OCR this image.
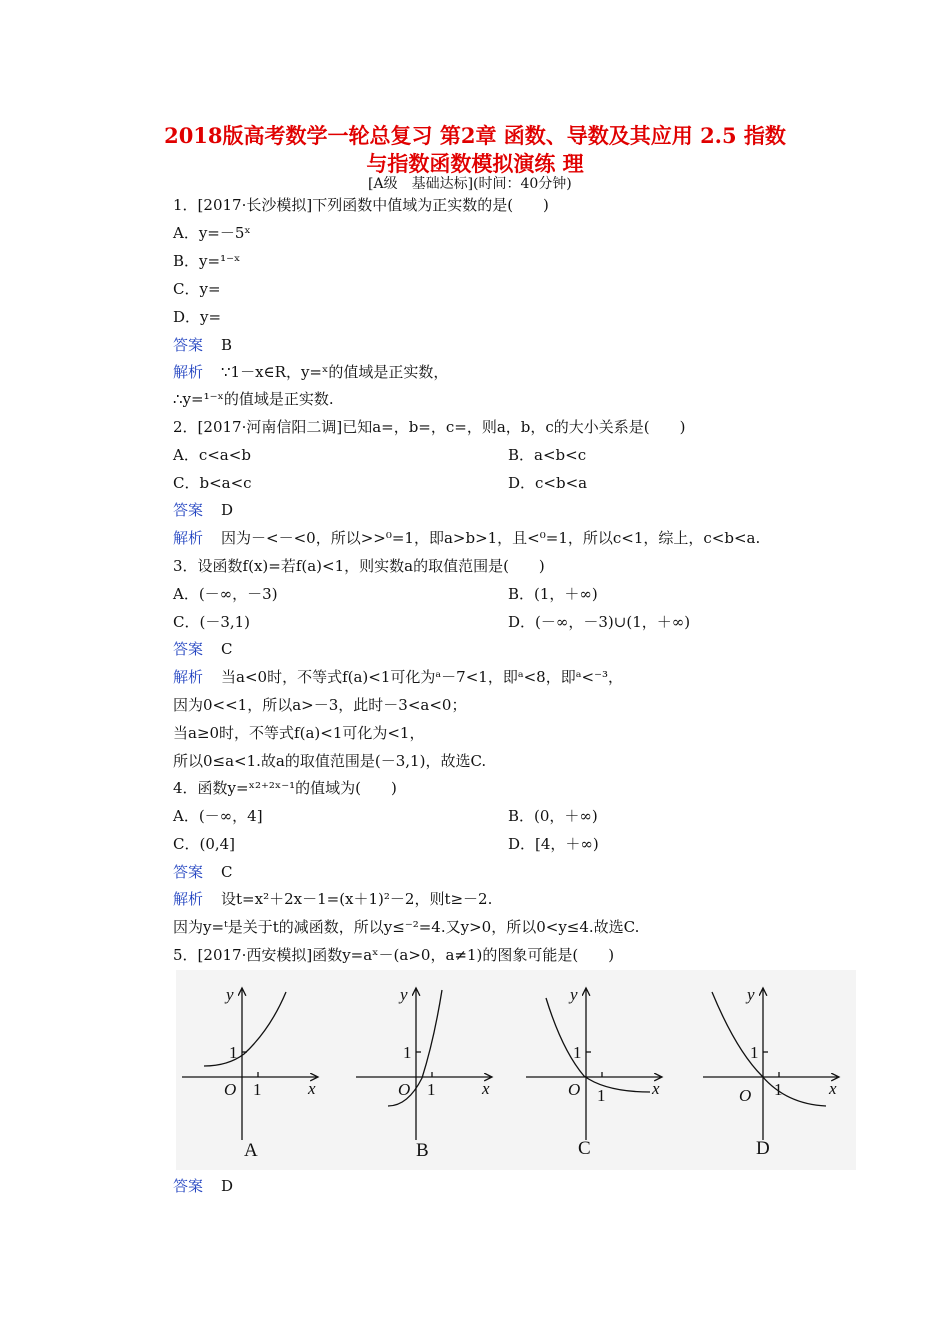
2018版高考数学一轮总复习 第2章 函数、导数及其应用 2.5 指数
与指数函数模拟演练 理
[A级　基础达标](时间：40分钟)
1．[2017·长沙模拟]下列函数中值域为正实数的是(　　)
A．y=－5ˣ
B．y=¹⁻ˣ
C．y=
D．y=
答案 B
解析 ∵1－x∈R，y=ˣ的值域是正实数，
∴y=¹⁻ˣ的值域是正实数.
2．[2017·河南信阳二调]已知a=，b=，c=，则a，b，c的大小关系是(　　)
A．c<a<b	B．a<b<c
C．b<a<c	D．c<b<a
答案 D
解析 因为－<－<0，所以>>⁰=1，即a>b>1，且<⁰=1，所以c<1，综上，c<b<a.
3．设函数f(x)=若f(a)<1，则实数a的取值范围是(　　)
A．(－∞，－3)	B．(1，＋∞)
C．(－3,1)	D．(－∞，－3)∪(1，＋∞)
答案 C
解析 当a<0时，不等式f(a)<1可化为ᵃ－7<1，即ᵃ<8，即ᵃ<⁻³，
因为0<<1，所以a>－3，此时－3<a<0；
当a≥0时，不等式f(a)<1可化为<1，
所以0≤a<1.故a的取值范围是(－3,1)，故选C.
4．函数y=ˣ²⁺²ˣ⁻¹的值域为(　　)
A．(－∞，4]	B．(0，＋∞)
C．(0,4]	D．[4，＋∞)
答案 C
解析 设t=x²＋2x－1=(x＋1)²－2，则t≥－2.
因为y=ᵗ是关于t的减函数，所以y≤⁻²=4.又y>0，所以0<y≤4.故选C.
5．[2017·西安模拟]函数y=aˣ－(a>0，a≠1)的图象可能是(　　)
y
x
O
y
x
O
y
x
O
y
x
O
1
1
1
1
1
1
1
1
A	B	C	D
答案 D
